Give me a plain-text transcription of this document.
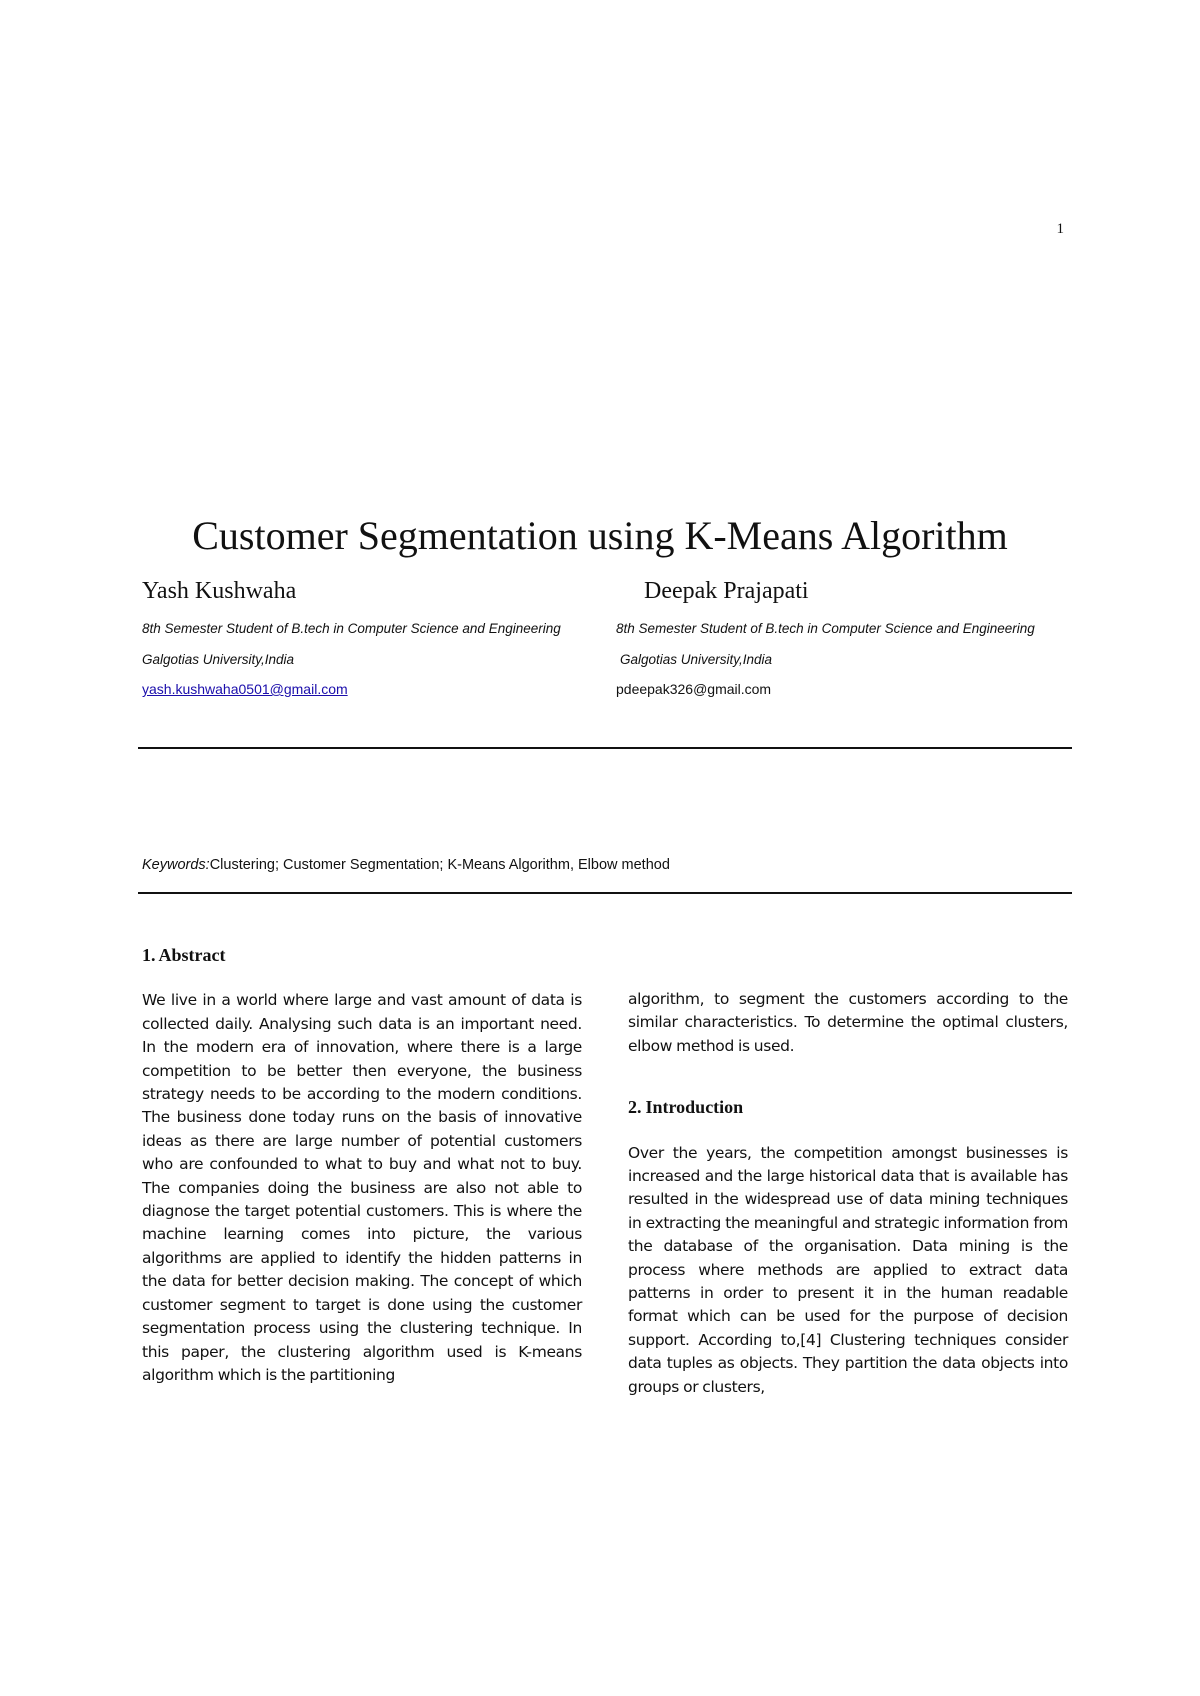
1
Customer Segmentation using K-Means Algorithm

Yash Kushwaha

8th Semester Student of B.tech in Computer Science and Engineering

Galgotias University,India

yash.kushwaha0501@gmail.com

Deepak Prajapati

8th Semester Student of B.tech in Computer Science and Engineering

Galgotias University,India

pdeepak326@gmail.com

Keywords:Clustering; Customer Segmentation; K-Means Algorithm, Elbow method
1. Abstract

We live in a world where large and vast amount of data is collected daily. Analysing such data is an important need. In the modern era of innovation, where there is a large competition to be better then everyone, the business strategy needs to be according to the modern conditions. The business done today runs on the basis of innovative ideas as there are large number of potential customers who are confounded to what to buy and what not to buy. The companies doing the business are also not able to diagnose the target potential customers. This is where the machine learning comes into picture, the various algorithms are applied to identify the hidden patterns in the data for better decision making. The concept of which customer segment to target is done using the customer segmentation process using the clustering technique. In this paper, the clustering algorithm used is K-means algorithm which is the partitioning

algorithm, to segment the customers according to the similar characteristics. To determine the optimal clusters, elbow method is used.

2. Introduction

Over the years, the competition amongst businesses is increased and the large historical data that is available has resulted in the widespread use of data mining techniques in extracting the meaningful and strategic information from the database of the organisation. Data mining is the process where methods are applied to extract data patterns in order to present it in the human readable format which can be used for the purpose of decision support. According to,[4] Clustering techniques consider data tuples as objects. They partition the data objects into groups or clusters,
